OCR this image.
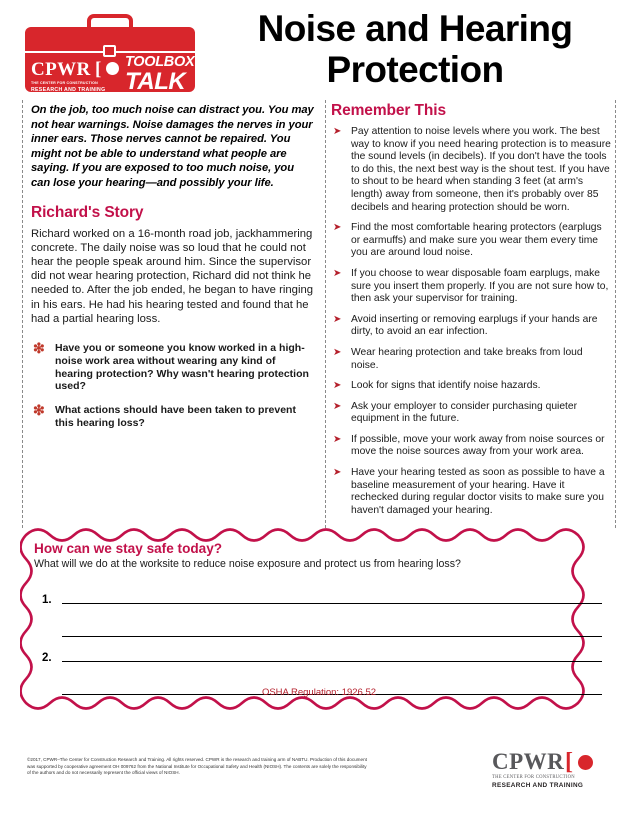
CPWR [
THE CENTER FOR CONSTRUCTION
RESEARCH AND TRAINING
TOOLBOX
TALK
Noise and Hearing Protection

On the job, too much noise can distract you. You may not hear warnings. Noise damages the nerves in your inner ears. Those nerves cannot be repaired. You might not be able to understand what people are saying. If you are exposed to too much noise, you can lose your hearing—and possibly your life.

Richard's Story

Richard worked on a 16-month road job, jackhammering concrete. The daily noise was so loud that he could not hear the people speak around him. Since the supervisor did not wear hearing protection, Richard did not think he needed to. After the job ended, he began to have ringing in his ears. He had his hearing tested and found that he had a partial hearing loss.

❇ Have you or someone you know worked in a high-noise work area without wearing any kind of hearing protection? Why wasn't hearing protection used?
❇ What actions should have been taken to prevent this hearing loss?
Remember This
➤ Pay attention to noise levels where you work. The best way to know if you need hearing protection is to measure the sound levels (in decibels). If you don't have the tools to do this, the next best way is the shout test. If you have to shout to be heard when standing 3 feet (at arm's length) away from someone, then it's probably over 85 decibels and hearing protection should be worn.
➤ Find the most comfortable hearing protectors (earplugs or earmuffs) and make sure you wear them every time you are around loud noise.
➤ If you choose to wear disposable foam earplugs, make sure you insert them properly. If you are not sure how to, then ask your supervisor for training.
➤ Avoid inserting or removing earplugs if your hands are dirty, to avoid an ear infection.
➤ Wear hearing protection and take breaks from loud noise.
➤ Look for signs that identify noise hazards.
➤ Ask your employer to consider purchasing quieter equipment in the future.
➤ If possible, move your work away from noise sources or move the noise sources away from your work area.
➤ Have your hearing tested as soon as possible to have a baseline measurement of your hearing. Have it rechecked during regular doctor visits to make sure you haven't damaged your hearing.
How can we stay safe today?
What will we do at the worksite to reduce noise exposure and protect us from hearing loss?
1.
2.
OSHA Regulation: 1926.52
©2017, CPWR–The Center for Construction Research and Training. All rights reserved. CPWR is the research and training arm of NABTU. Production of this document was supported by cooperative agreement OH 009762 from the National Institute for Occupational Safety and Health (NIOSH). The contents are solely the responsibility of the authors and do not necessarily represent the official views of NIOSH.	CPWR [
THE CENTER FOR CONSTRUCTION
RESEARCH AND TRAINING
